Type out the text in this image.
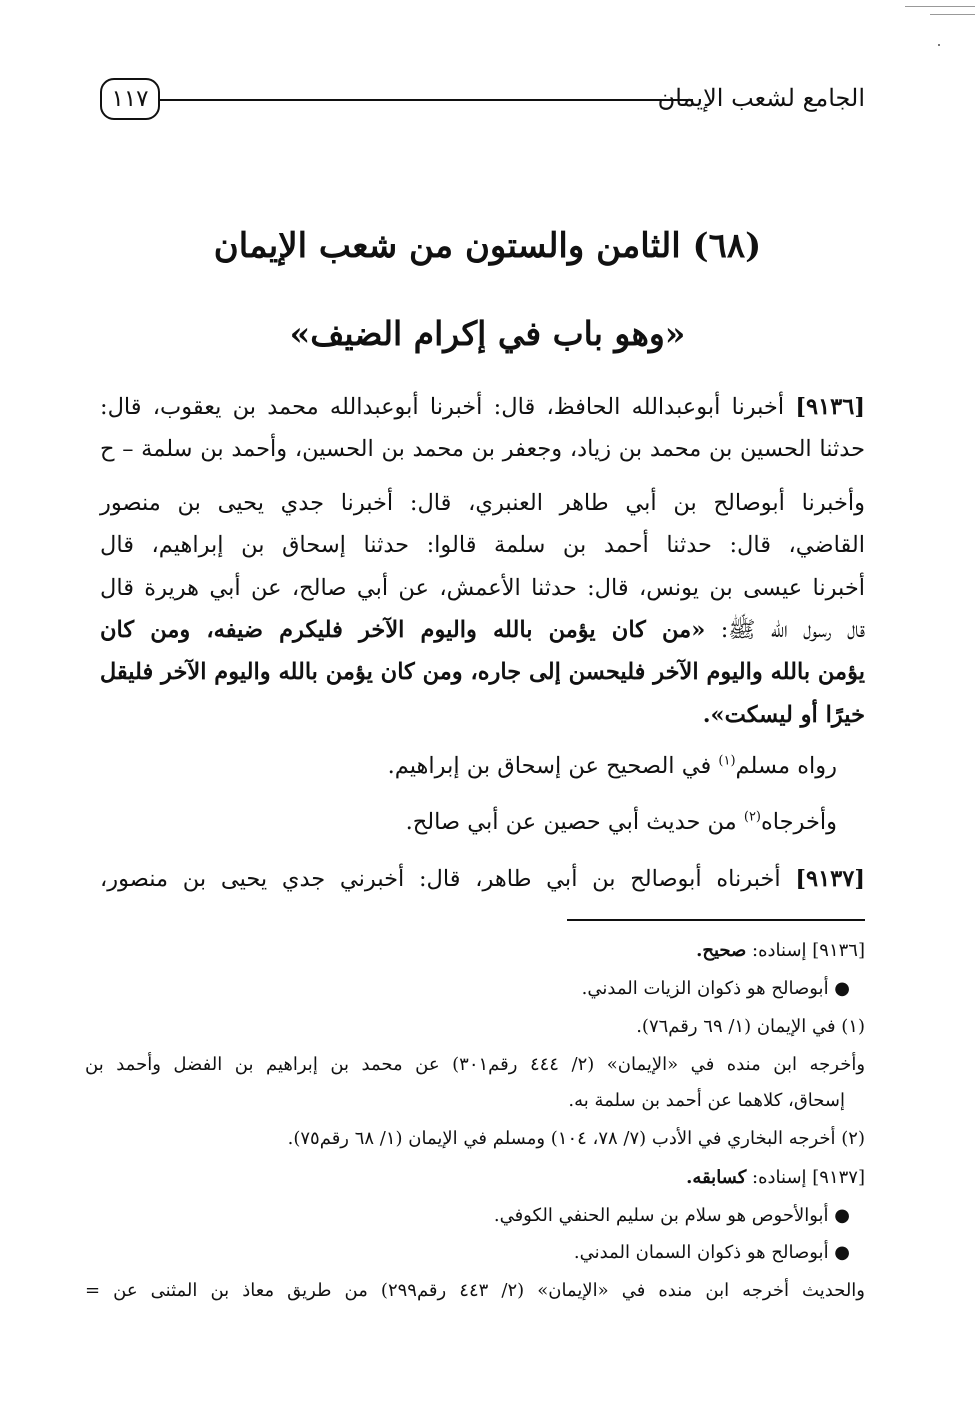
الجامع لشعب الإيمان
١١٧
(٦٨) الثامن والستون من شعب الإيمان
«وهو باب في إكرام الضيف»
[٩١٣٦] أخبرنا أبوعبدالله الحافظ، قال: أخبرنا أبوعبدالله محمد بن يعقوب، قال:
حدثنا الحسين بن محمد بن زياد، وجعفر بن محمد بن الحسين، وأحمد بن سلمة – ح
وأخبرنا أبوصالح بن أبي طاهر العنبري، قال: أخبرنا جدي يحيى بن منصور
القاضي، قال: حدثنا أحمد بن سلمة قالوا: حدثنا إسحاق بن إبراهيم، قال
أخبرنا عيسى بن يونس، قال: حدثنا الأعمش، عن أبي صالح، عن أبي هريرة قال
قال رسول الله ﷺ: «من كان يؤمن بالله واليوم الآخر فليكرم ضيفه، ومن كان
يؤمن بالله واليوم الآخر فليحسن إلى جاره، ومن كان يؤمن بالله واليوم الآخر فليقل
خيرًا أو ليسكت».
رواه مسلم$^{(١)}$ في الصحيح عن إسحاق بن إبراهيم.
وأخرجاه$^{(٢)}$ من حديث أبي حصين عن أبي صالح.
[٩١٣٧] أخبرناه أبوصالح بن أبي طاهر، قال: أخبرني جدي يحيى بن منصور،
[٩١٣٦] إسناده: صحيح.
● أبوصالح هو ذكوان الزيات المدني.
(١) في الإيمان (١/ ٦٩ رقم٧٦).
وأخرجه ابن منده في «الإيمان» (٢/ ٤٤٤ رقم٣٠١) عن محمد بن إبراهيم بن الفضل وأحمد بن
إسحاق، كلاهما عن أحمد بن سلمة به.
(٢) أخرجه البخاري في الأدب (٧/ ٧٨، ١٠٤) ومسلم في الإيمان (١/ ٦٨ رقم٧٥).
[٩١٣٧] إسناده: كسابقه.
● أبوالأحوص هو سلام بن سليم الحنفي الكوفي.
● أبوصالح هو ذكوان السمان المدني.
والحديث أخرجه ابن منده في «الإيمان» (٢/ ٤٤٣ رقم٢٩٩) من طريق معاذ بن المثنى عن =
